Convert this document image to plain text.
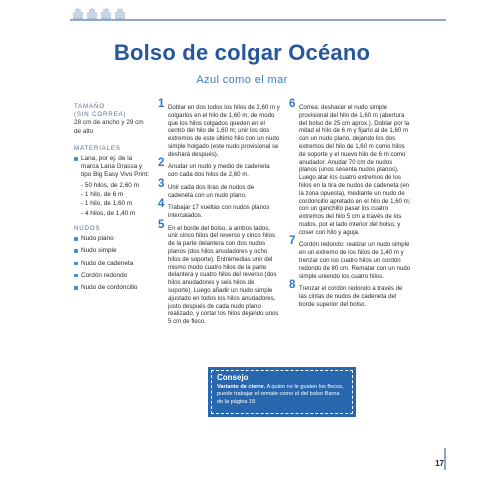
Bolso de colgar Océano
Azul como el mar
TAMAÑO
(SIN CORREA)
28 cm de ancho y 29 cm de alto
MATERIALES
Lana, por ej. de la marca Lana Grassa y tipo Big Easy Vivo Print:
- 50 hilos, de 2,60 m
- 1 hilo, de 6 m
- 1 hilo, de 1,60 m
- 4 hilos, de 1,40 m
NUDOS
Nudo plano
Nudo simple
Nudo de cadeneta
Cordón redondo
Nudo de cordoncillo
1 Doblar en dos todos los hilos de 2,60 m y colgarlos en el hilo de 1,60 m, de modo que los hilos colgados queden en el centro del hilo de 1,60 m; unir los dos extremos de este último hilo con un nudo simple holgado (este nudo provisional se deshará después).
2 Anudar un nudo y medio de cadeneta con cada dos hilos de 2,60 m.
3 Unir cada dos tiras de nudos de cadeneta con un nudo plano.
4 Trabajar 17 vueltas con nudos planos intercalados.
5 En el borde del bolso, a ambos lados, unir cinco hilos del reverso y cinco hilos de la parte delantera con dos nudos planos (dos hilos anudadores y ocho hilos de soporte). Entremedias unir del mismo modo cuatro hilos de la parte delantera y cuatro hilos del reverso (dos hilos anudadores y seis hilos de soporte). Luego añadir un nudo simple ajustado en todos los hilos anudadores, justo después de cada nudo plano realizado, y cortar los hilos dejando unos 5 cm de fleco.
6 Correa: deshacer el nudo simple provisional del hilo de 1,60 m (abertura del bolso de 25 cm aprox.). Doblar por la mitad el hilo de 6 m y fijarlo al de 1,60 m con un nudo plano, dejando los dos extremos del hilo de 1,60 m como hilos de soporte y el nuevo hilo de 6 m como anudador. Anudar 70 cm de nudos planos (unos sesenta nudos planos). Luego atar los cuatro extremos de los hilos en la tira de nudos de cadeneta (en la zona opuesta), mediante un nudo de cordoncillo apretado en el hilo de 1,60 m; con un ganchillo pasar los cuatro extremos del hilo 5 cm a través de los nudos, por el lado interior del bolso, y coser con hilo y aguja.
7 Cordón redondo: realizar un nudo simple en un extremo de los hilos de 1,40 m y trenzar con los cuatro hilos un cordón redondo de 80 cm. Rematar con un nudo simple uniendo los cuatro hilos.
8 Trenzar el cordón redondo a través de las cintas de nudos de cadeneta del borde superior del bolso.
Consejo
Variante de cierre. A quien no le gusten los flecos, puede trabajar el remate como el del bolso Barna de la página 18.
17
